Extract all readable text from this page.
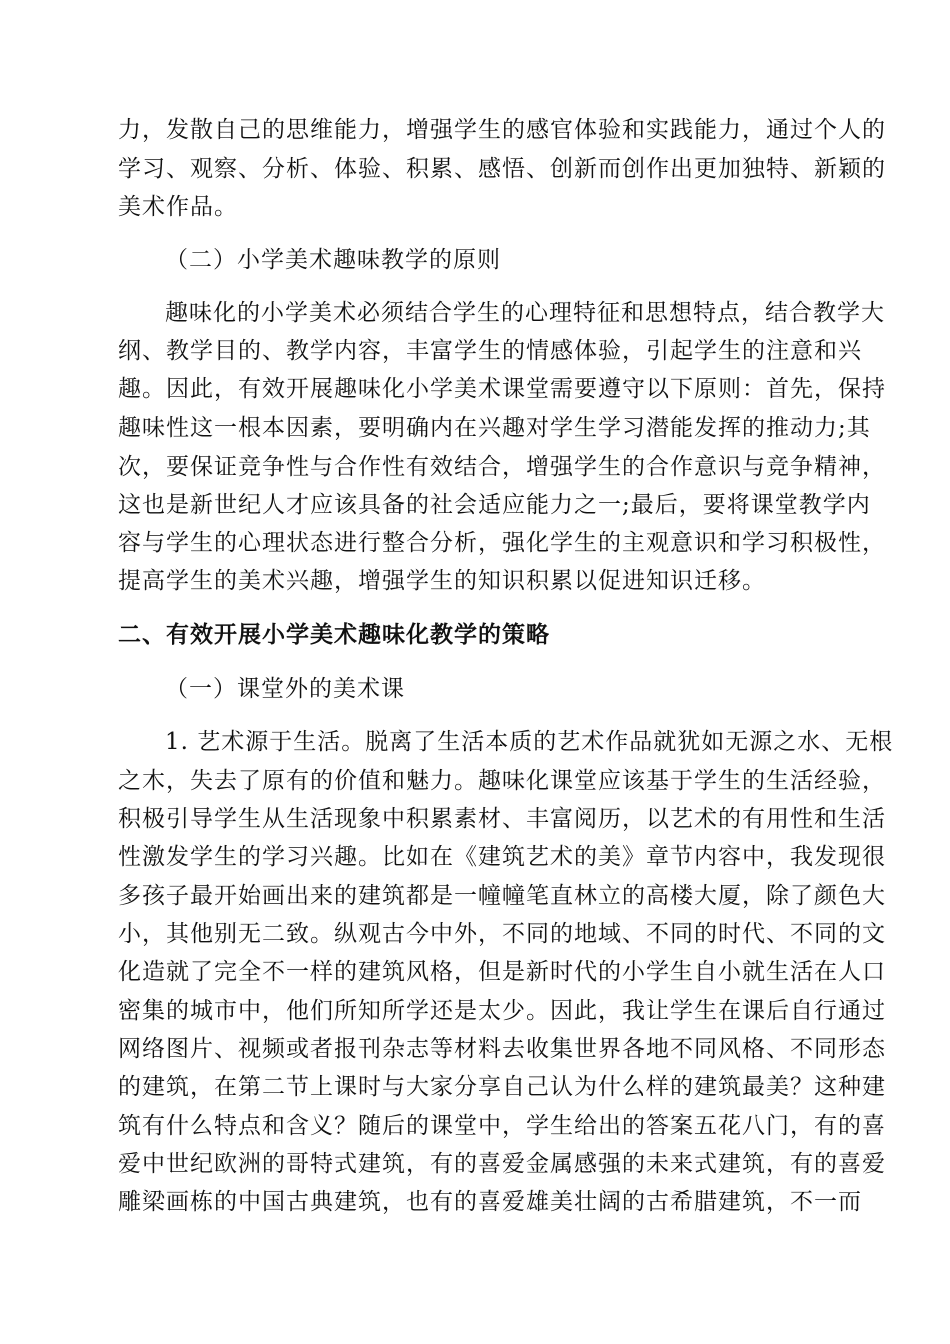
力，发散自己的思维能力，增强学生的感官体验和实践能力，通过个人的
学习、观察、分析、体验、积累、感悟、创新而创作出更加独特、新颖的
美术作品。
（二）小学美术趣味教学的原则
趣味化的小学美术必须结合学生的心理特征和思想特点，结合教学大
纲、教学目的、教学内容，丰富学生的情感体验，引起学生的注意和兴
趣。因此，有效开展趣味化小学美术课堂需要遵守以下原则：首先，保持
趣味性这一根本因素，要明确内在兴趣对学生学习潜能发挥的推动力;其
次，要保证竞争性与合作性有效结合，增强学生的合作意识与竞争精神，
这也是新世纪人才应该具备的社会适应能力之一;最后，要将课堂教学内
容与学生的心理状态进行整合分析，强化学生的主观意识和学习积极性，
提高学生的美术兴趣，增强学生的知识积累以促进知识迁移。
二、有效开展小学美术趣味化教学的策略
（一）课堂外的美术课
1. 艺术源于生活。脱离了生活本质的艺术作品就犹如无源之水、无根
之木，失去了原有的价值和魅力。趣味化课堂应该基于学生的生活经验，
积极引导学生从生活现象中积累素材、丰富阅历，以艺术的有用性和生活
性激发学生的学习兴趣。比如在《建筑艺术的美》章节内容中，我发现很
多孩子最开始画出来的建筑都是一幢幢笔直林立的高楼大厦，除了颜色大
小，其他别无二致。纵观古今中外，不同的地域、不同的时代、不同的文
化造就了完全不一样的建筑风格，但是新时代的小学生自小就生活在人口
密集的城市中，他们所知所学还是太少。因此，我让学生在课后自行通过
网络图片、视频或者报刊杂志等材料去收集世界各地不同风格、不同形态
的建筑，在第二节上课时与大家分享自己认为什么样的建筑最美？这种建
筑有什么特点和含义？随后的课堂中，学生给出的答案五花八门，有的喜
爱中世纪欧洲的哥特式建筑，有的喜爱金属感强的未来式建筑，有的喜爱
雕梁画栋的中国古典建筑，也有的喜爱雄美壮阔的古希腊建筑，不一而
